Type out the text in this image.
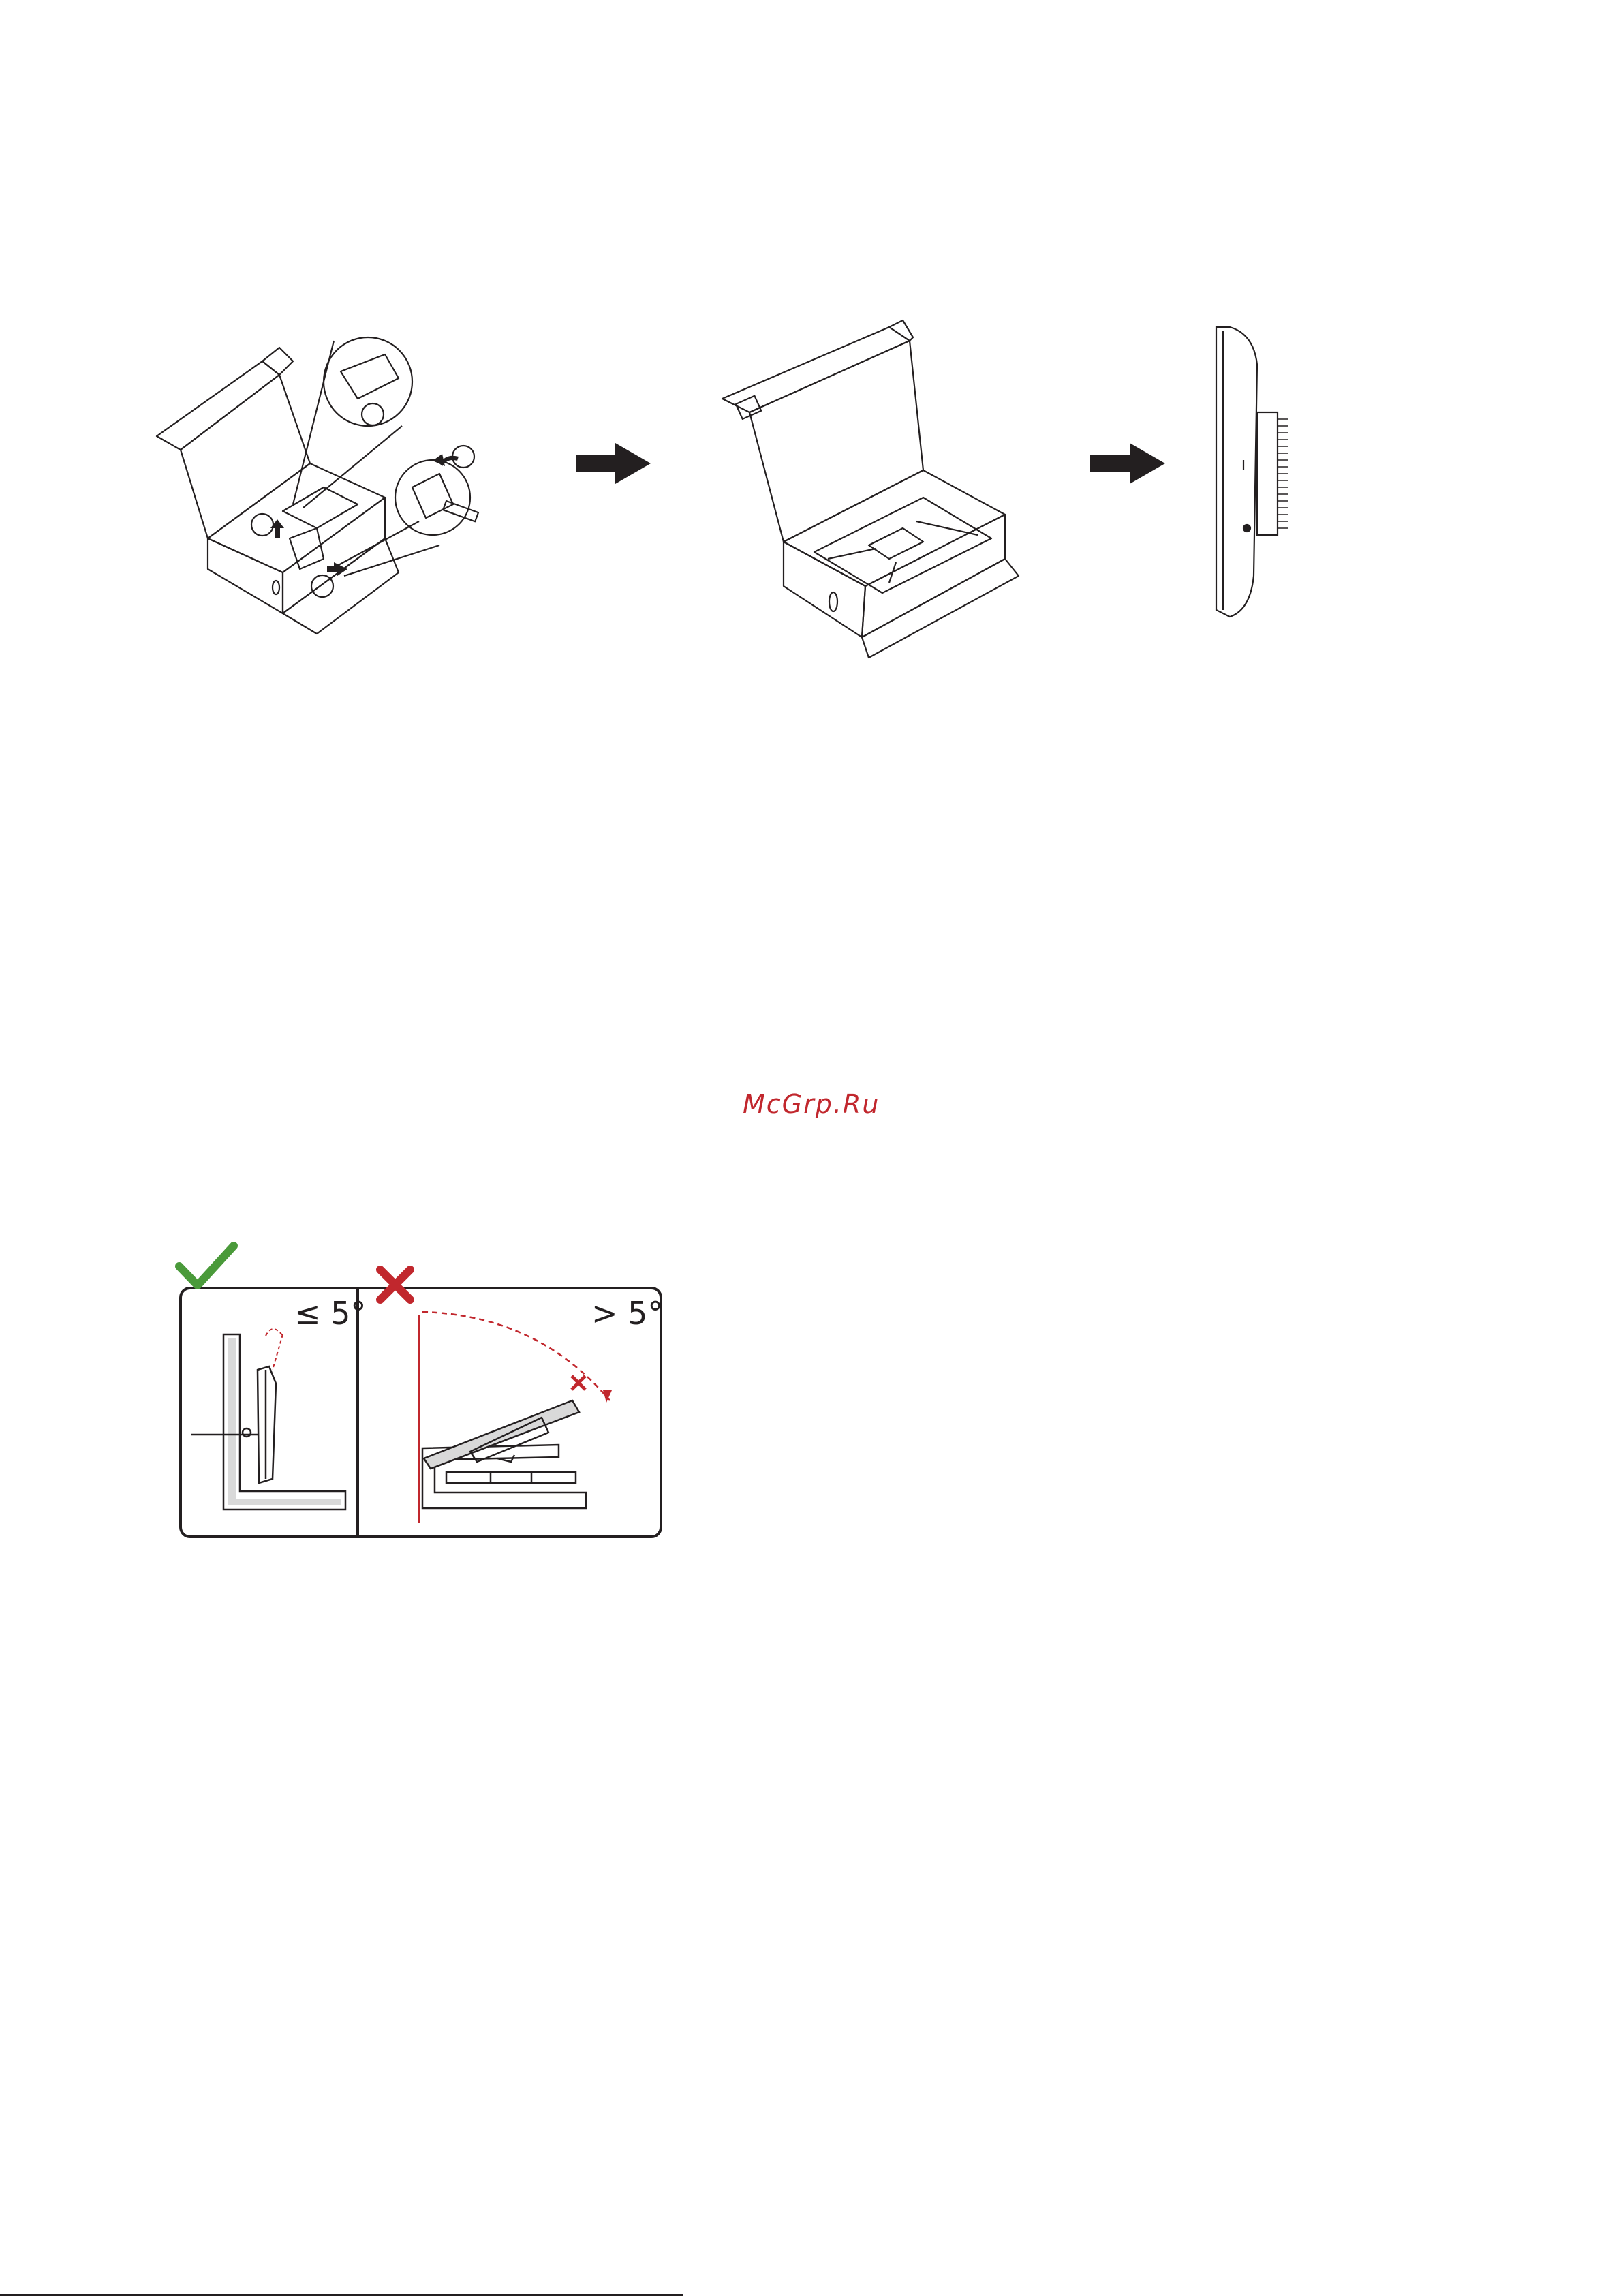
McGrp.Ru
≤ 5°	> 5°
